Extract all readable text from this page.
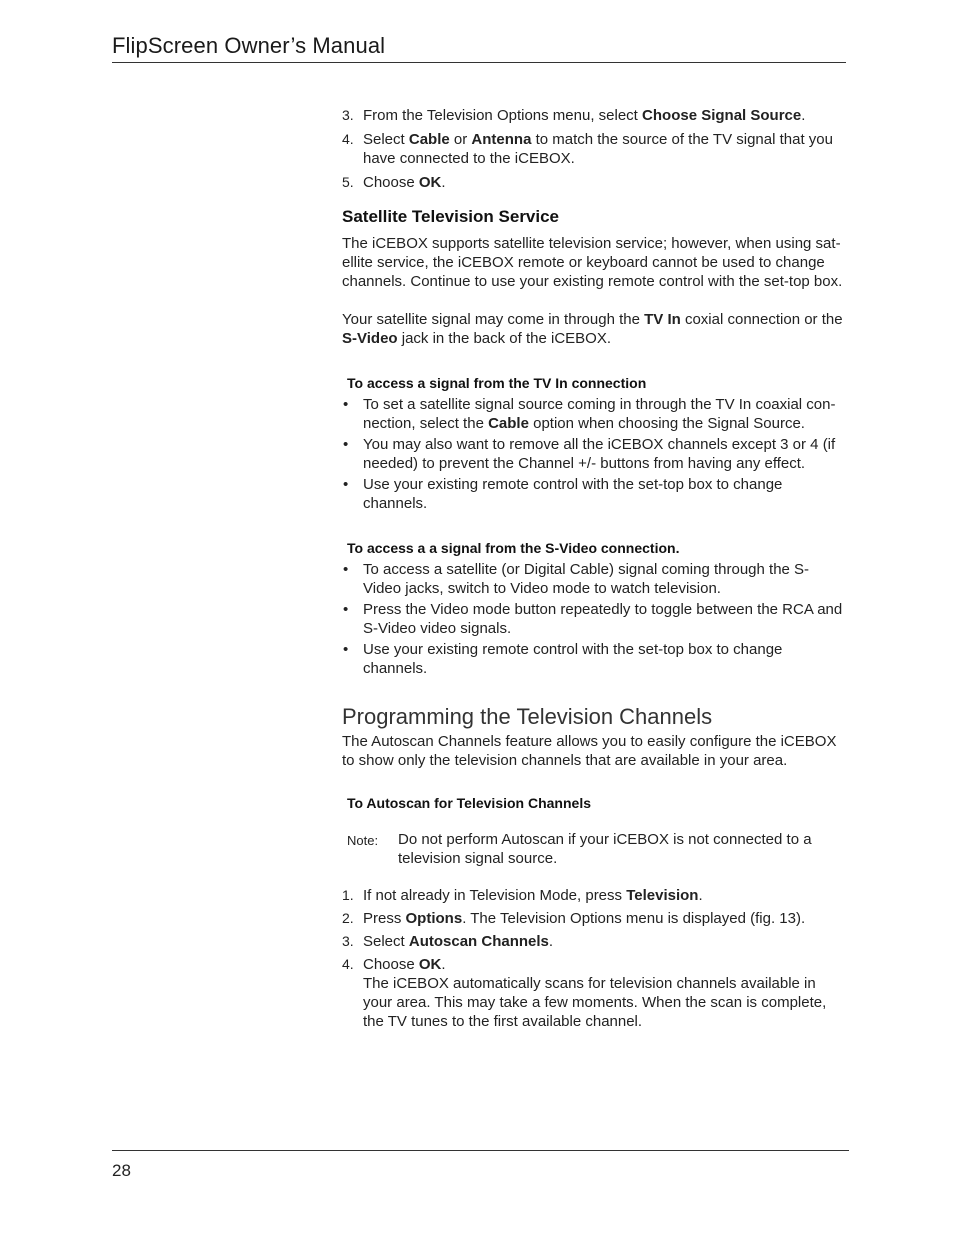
FlipScreen Owner’s Manual
3. From the Television Options menu, select Choose Signal Source.
4. Select Cable or Antenna to match the source of the TV signal that you have connected to the iCEBOX.
5. Choose OK.
Satellite Television Service

The iCEBOX supports satellite television service; however, when using sat-ellite service, the iCEBOX remote or keyboard cannot be used to change channels. Continue to use your existing remote control with the set-top box.

Your satellite signal may come in through the TV In coxial connection or the S-Video jack in the back of the iCEBOX.

To access a signal from the TV In connection
• To set a satellite signal source coming in through the TV In coaxial con-nection, select the Cable option when choosing the Signal Source.
• You may also want to remove all the iCEBOX channels except 3 or 4 (if needed) to prevent the Channel +/- buttons from having any effect.
• Use your existing remote control with the set-top box to change channels.
To access a a signal from the S-Video connection.
• To access a satellite (or Digital Cable) signal coming through the S-Video jacks, switch to Video mode to watch television.
• Press the Video mode button repeatedly to toggle between the RCA and S-Video video signals.
• Use your existing remote control with the set-top box to change channels.
Programming the Television Channels

The Autoscan Channels feature allows you to easily configure the iCEBOX to show only the television channels that are available in your area.

To Autoscan for Television Channels
Note: Do not perform Autoscan if your iCEBOX is not connected to a television signal source.
1. If not already in Television Mode, press Television.
2. Press Options. The Television Options menu is displayed (fig. 13).
3. Select Autoscan Channels.
4. Choose OK.
The iCEBOX automatically scans for television channels available in your area. This may take a few moments. When the scan is complete, the TV tunes to the first available channel.
28
